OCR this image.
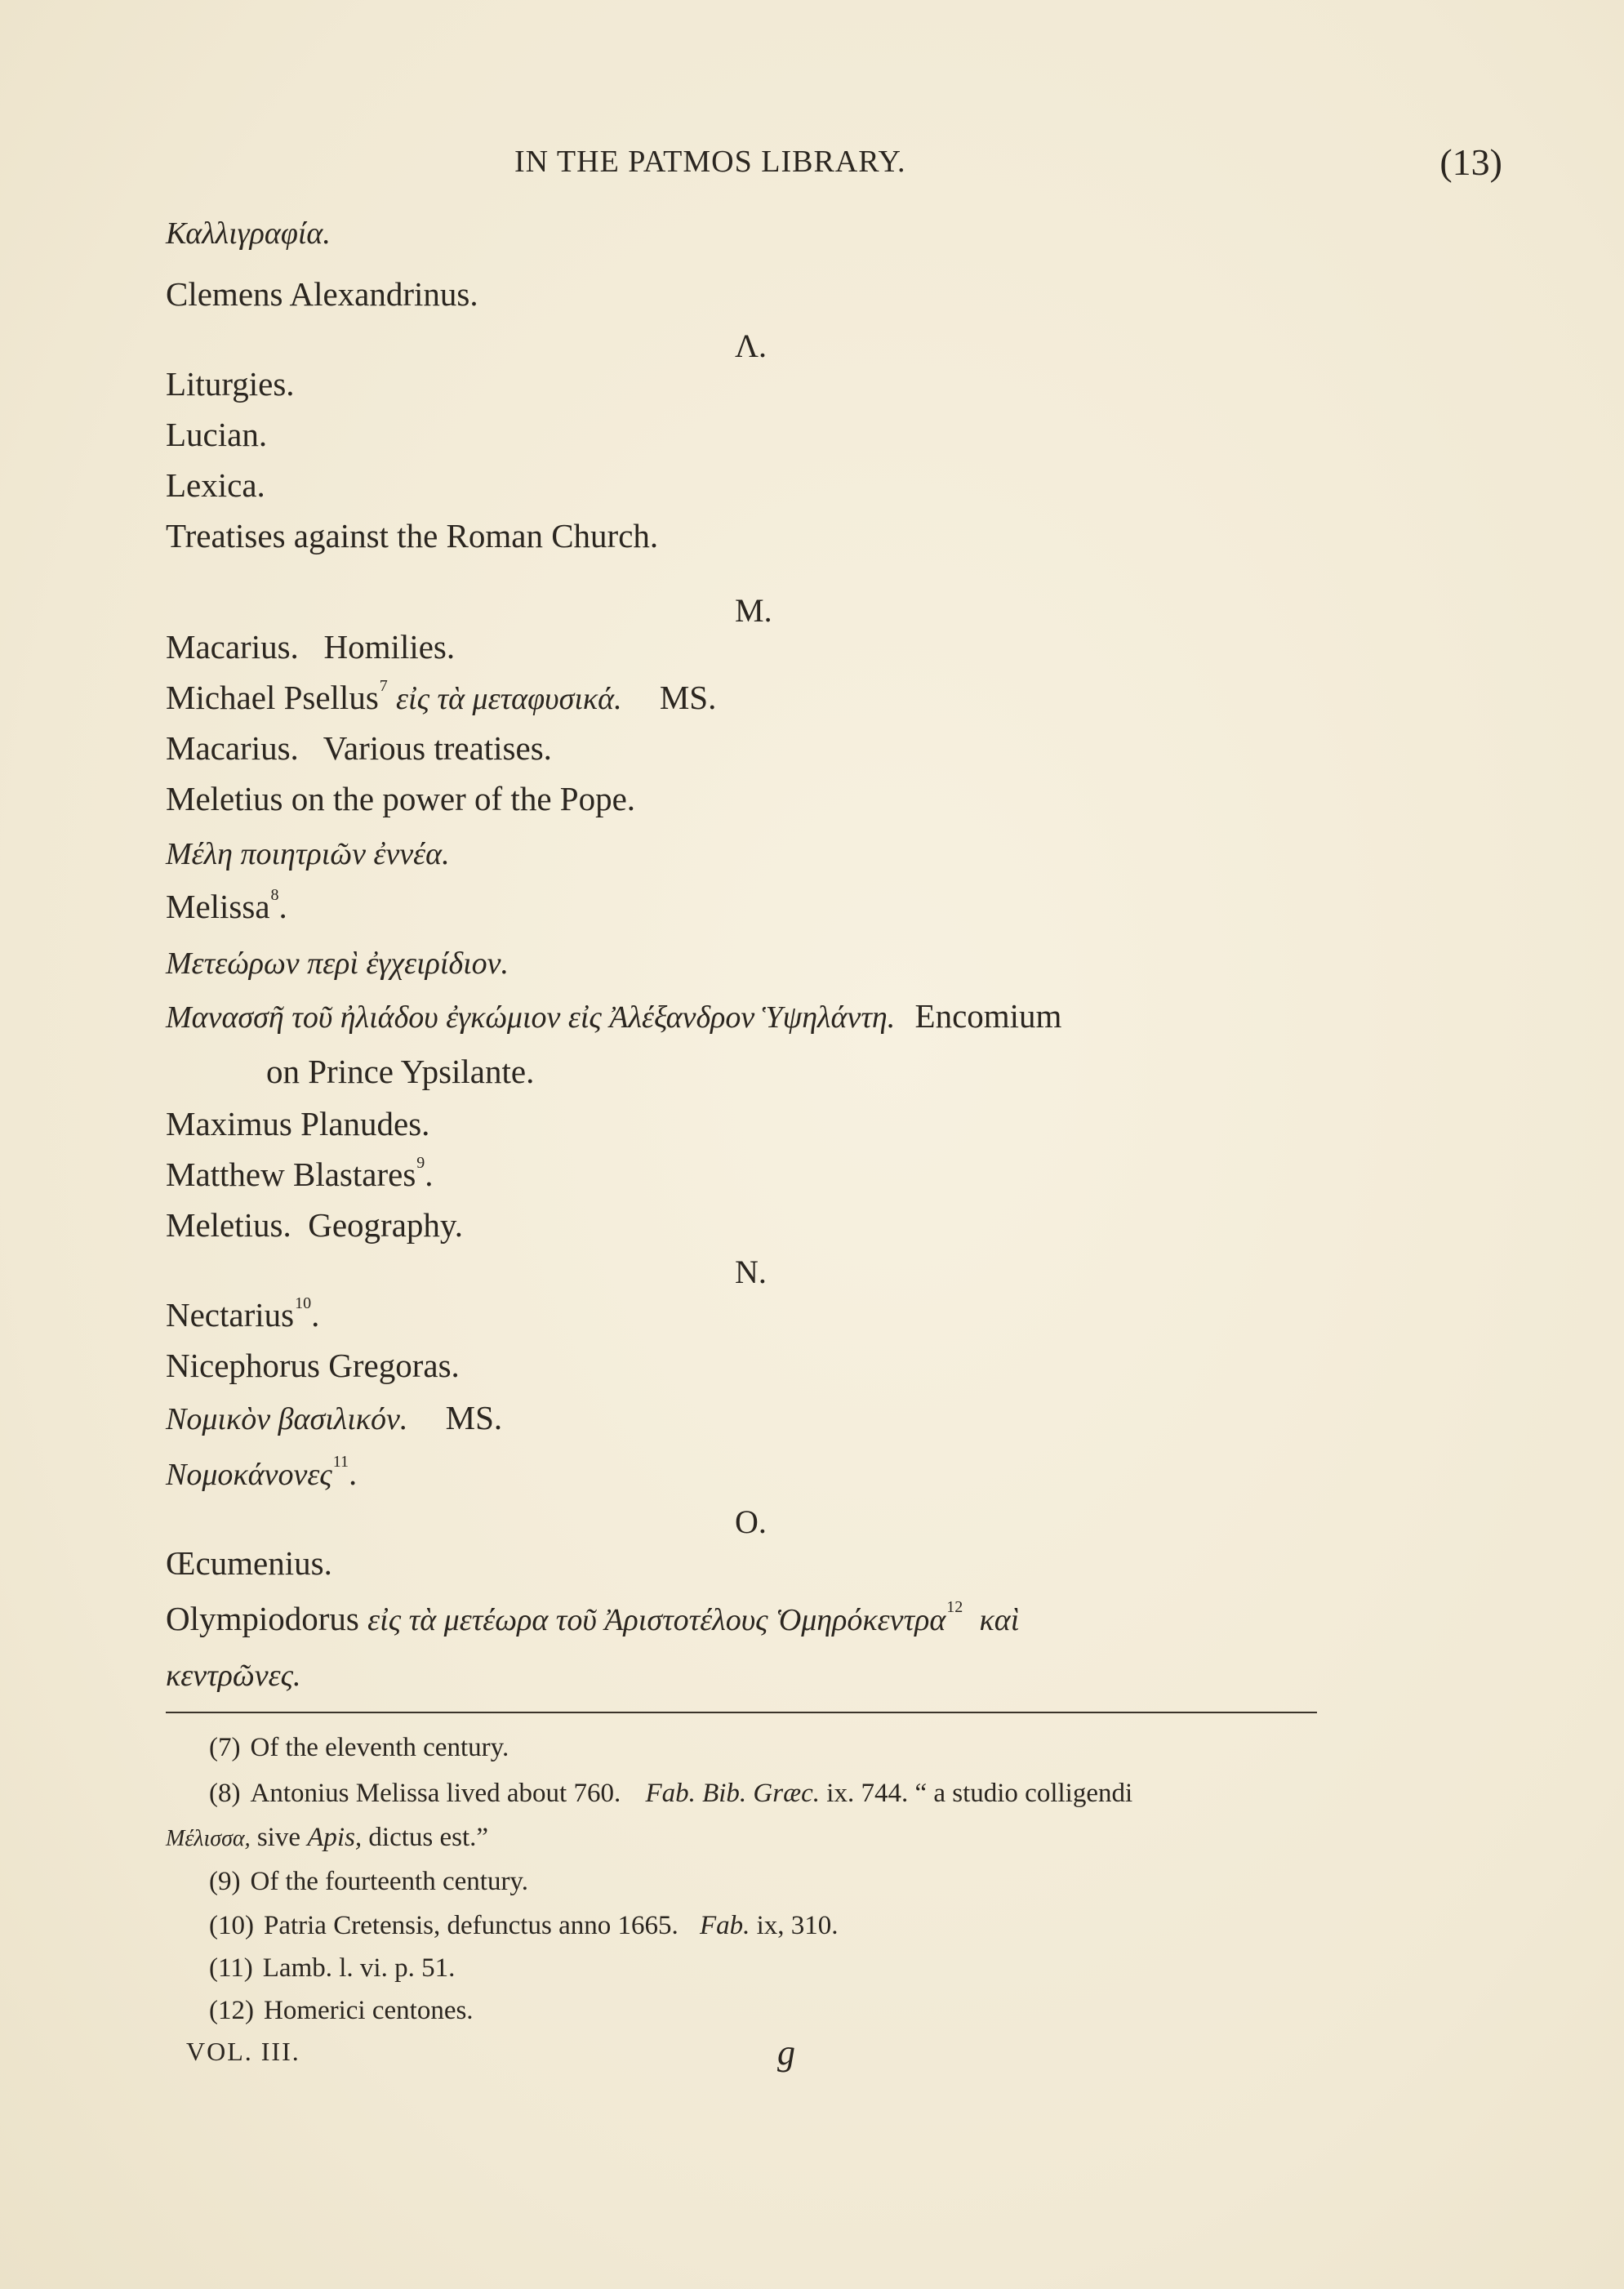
IN THE PATMOS LIBRARY.	(13)
Καλλιγραφία.
Clemens Alexandrinus.
Λ.
Liturgies.
Lucian.
Lexica.
Treatises against the Roman Church.
M.
Macarius.   Homilies.
Michael Psellus$^7$ εἰς τὰ μεταφυσικά. MS.
Macarius.   Various treatises.
Meletius on the power of the Pope.
Μέλη ποιητριῶν ἐννέα.
Melissa$^8$.
Μετεώρων περὶ ἐγχειρίδιον.
Μανασσῆ τοῦ ἠλιάδου ἐγκώμιον εἰς Ἀλέξανδρον Ὑψηλάντη. Encomium
on Prince Ypsilante.
Maximus Planudes.
Matthew Blastares$^9$.
Meletius.  Geography.
N.
Nectarius$^{10}$.
Nicephorus Gregoras.
Νομικὸν βασιλικόν. MS.
Νομοκάνονες$^{11}$.
O.
Œcumenius.
Olympiodorus εἰς τὰ μετέωρα τοῦ Ἀριστοτέλους Ὁμηρόκεντρα$^{12}$ καὶ
κεντρῶνες.
(7) Of the eleventh century.
(8) Antonius Melissa lived about 760. Fab. Bib. Græc. ix. 744. “ a studio colligendi
Μέλισσα, sive Apis, dictus est.”
(9) Of the fourteenth century.
(10) Patria Cretensis, defunctus anno 1665. Fab. ix, 310.
(11) Lamb. l. vi. p. 51.
(12) Homerici centones.
VOL. III.	g
